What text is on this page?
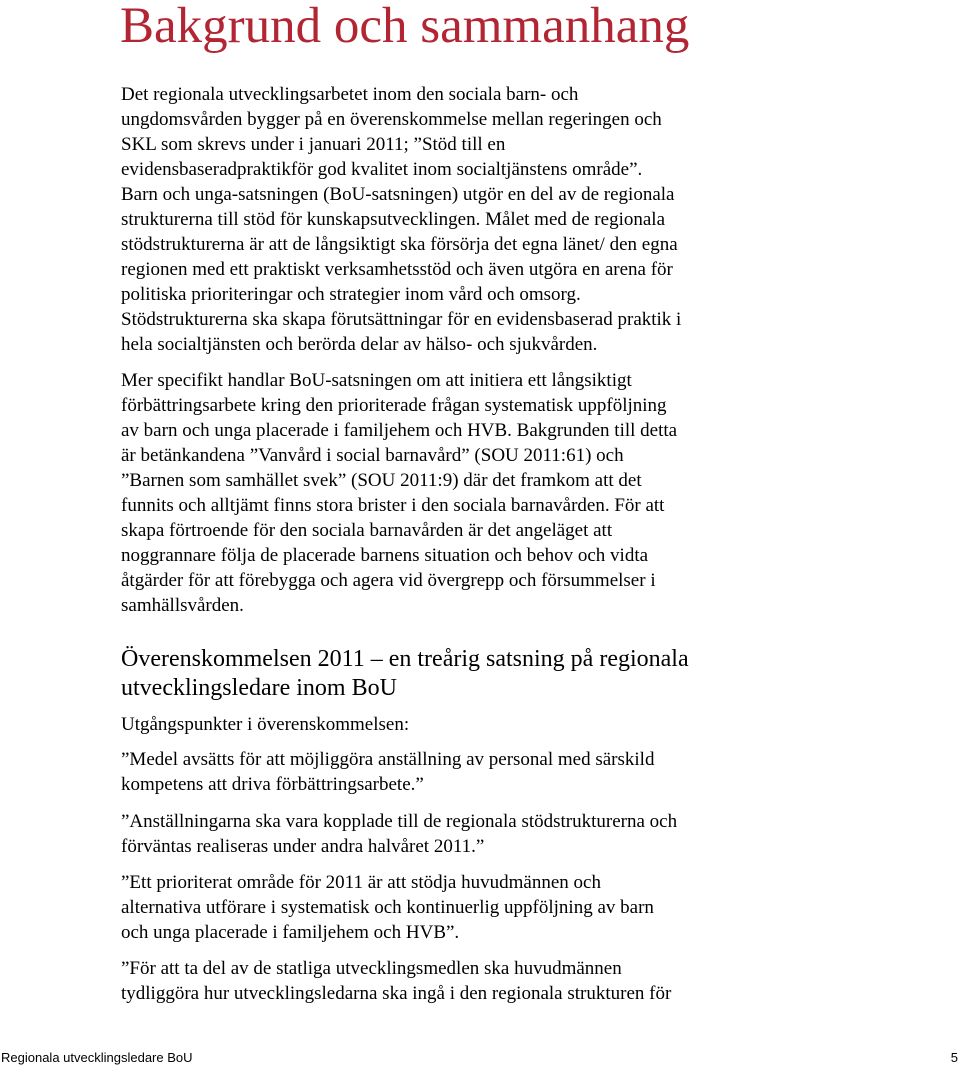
Bakgrund och sammanhang

Det regionala utvecklingsarbetet inom den sociala barn- och
ungdomsvården bygger på en överenskommelse mellan regeringen och
SKL som skrevs under i januari 2011; ”Stöd till en
evidensbaseradpraktikför god kvalitet inom socialtjänstens område”.
Barn och unga-satsningen (BoU-satsningen) utgör en del av de regionala
strukturerna till stöd för kunskapsutvecklingen. Målet med de regionala
stödstrukturerna är att de långsiktigt ska försörja det egna länet/ den egna
regionen med ett praktiskt verksamhetsstöd och även utgöra en arena för
politiska prioriteringar och strategier inom vård och omsorg.
Stödstrukturerna ska skapa förutsättningar för en evidensbaserad praktik i
hela socialtjänsten och berörda delar av hälso- och sjukvården.

Mer specifikt handlar BoU-satsningen om att initiera ett långsiktigt
förbättringsarbete kring den prioriterade frågan systematisk uppföljning
av barn och unga placerade i familjehem och HVB. Bakgrunden till detta
är betänkandena ”Vanvård i social barnavård” (SOU 2011:61) och
”Barnen som samhället svek” (SOU 2011:9) där det framkom att det
funnits och alltjämt finns stora brister i den sociala barnavården. För att
skapa förtroende för den sociala barnavården är det angeläget att
noggrannare följa de placerade barnens situation och behov och vidta
åtgärder för att förebygga och agera vid övergrepp och försummelser i
samhällsvården.

Överenskommelsen 2011 – en treårig satsning på regionala
utvecklingsledare inom BoU

Utgångspunkter i överenskommelsen:

”Medel avsätts för att möjliggöra anställning av personal med särskild
kompetens att driva förbättringsarbete.”

”Anställningarna ska vara kopplade till de regionala stödstrukturerna och
förväntas realiseras under andra halvåret 2011.”

”Ett prioriterat område för 2011 är att stödja huvudmännen och
alternativa utförare i systematisk och kontinuerlig uppföljning av barn
och unga placerade i familjehem och HVB”.

”För att ta del av de statliga utvecklingsmedlen ska huvudmännen
tydliggöra hur utvecklingsledarna ska ingå i den regionala strukturen för

Regionala utvecklingsledare BoU	5
